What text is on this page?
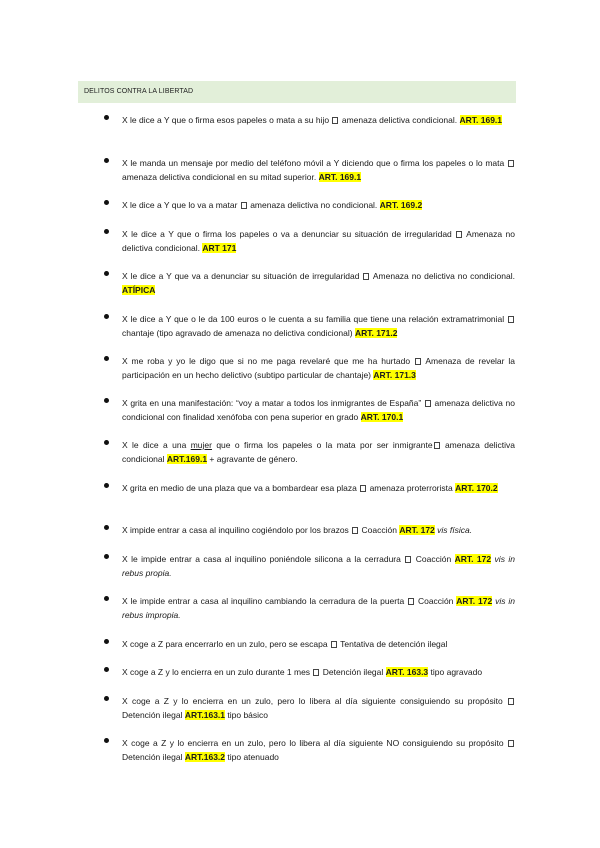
DELITOS CONTRA LA LIBERTAD
X le dice a Y que o firma esos papeles o mata a su hijo  amenaza delictiva condicional. ART. 169.1
X le manda un mensaje por medio del teléfono móvil a Y diciendo que o firma los papeles o lo mata  amenaza delictiva condicional en su mitad superior. ART. 169.1
X le dice a Y que lo va a matar  amenaza delictiva no condicional. ART. 169.2
X le dice a Y que o firma los papeles o va a denunciar su situación de irregularidad  Amenaza no delictiva condicional. ART 171
X le dice a Y que va a denunciar su situación de irregularidad  Amenaza no delictiva no condicional. ATÍPICA
X le dice a Y que o le da 100 euros o le cuenta a su familia que tiene una relación extramatrimonial  chantaje (tipo agravado de amenaza no delictiva condicional) ART. 171.2
X me roba y yo le digo que si no me paga revelaré que me ha hurtado  Amenaza de revelar la participación en un hecho delictivo (subtipo particular de chantaje) ART. 171.3
X grita en una manifestación: “voy a matar a todos los inmigrantes de España”  amenaza delictiva no condicional con finalidad xenófoba con pena superior en grado ART. 170.1
X le dice a una mujer que o firma los papeles o la mata por ser inmigrante amenaza delictiva condicional ART.169.1 + agravante de género.
X grita en medio de una plaza que va a bombardear esa plaza  amenaza proterrorista ART. 170.2
X impide entrar a casa al inquilino cogiéndolo por los brazos  Coacción ART. 172 vis física.
X le impide entrar a casa al inquilino poniéndole silicona a la cerradura  Coacción ART. 172 vis in rebus propia.
X le impide entrar a casa al inquilino cambiando la cerradura de la puerta  Coacción ART. 172 vis in rebus impropia.
X coge a Z para encerrarlo en un zulo, pero se escapa  Tentativa de detención ilegal
X coge a Z y lo encierra en un zulo durante 1 mes  Detención ilegal ART. 163.3 tipo agravado
X coge a Z y lo encierra en un zulo, pero lo libera al día siguiente consiguiendo su propósito  Detención ilegal ART.163.1 tipo básico
X coge a Z y lo encierra en un zulo, pero lo libera al día siguiente NO consiguiendo su propósito  Detención ilegal ART.163.2 tipo atenuado
